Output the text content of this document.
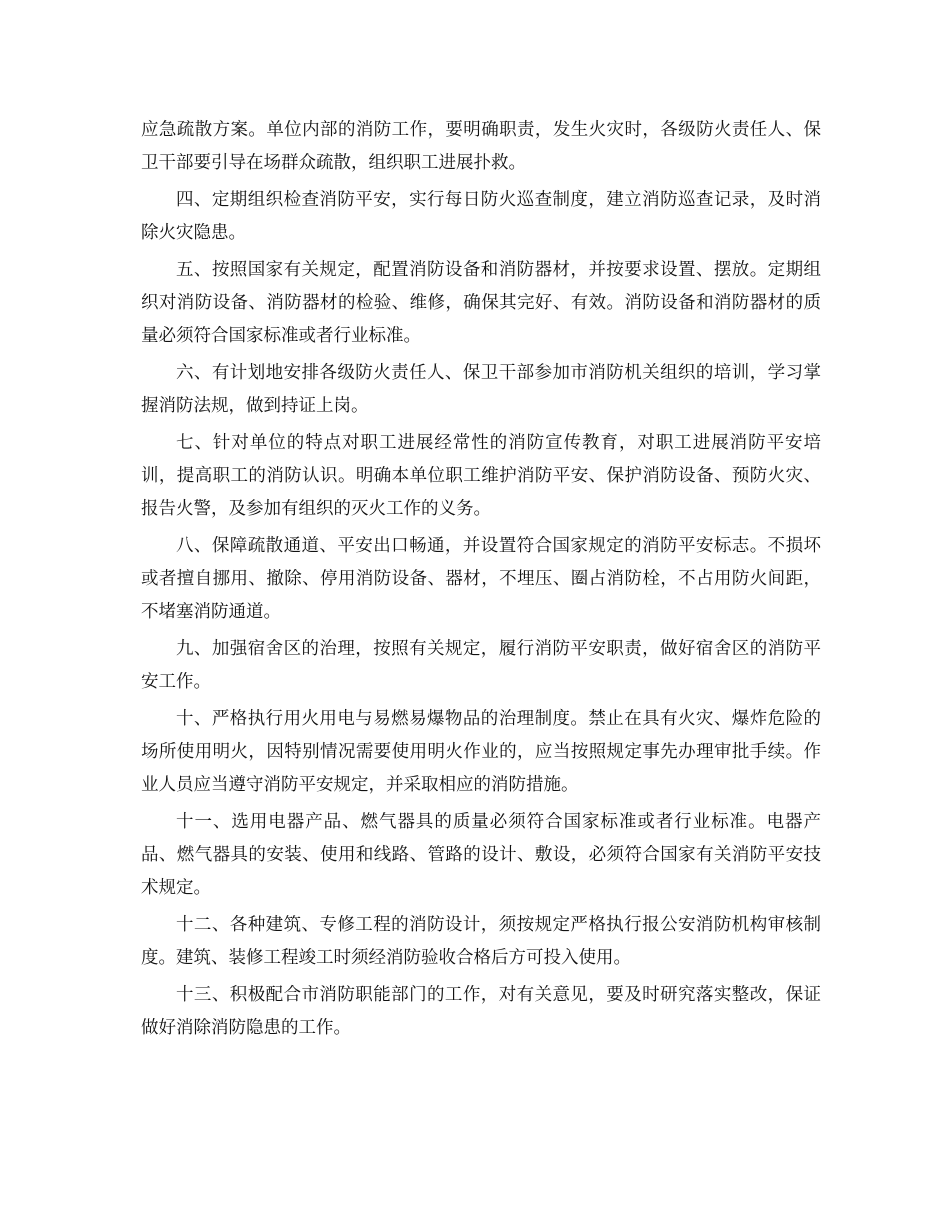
应急疏散方案。单位内部的消防工作，要明确职责，发生火灾时，各级防火责任人、保卫干部要引导在场群众疏散，组织职工进展扑救。

四、定期组织检查消防平安，实行每日防火巡查制度，建立消防巡查记录，及时消除火灾隐患。

五、按照国家有关规定，配置消防设备和消防器材，并按要求设置、摆放。定期组织对消防设备、消防器材的检验、维修，确保其完好、有效。消防设备和消防器材的质量必须符合国家标准或者行业标准。

六、有计划地安排各级防火责任人、保卫干部参加市消防机关组织的培训，学习掌握消防法规，做到持证上岗。

七、针对单位的特点对职工进展经常性的消防宣传教育，对职工进展消防平安培训，提高职工的消防认识。明确本单位职工维护消防平安、保护消防设备、预防火灾、报告火警，及参加有组织的灭火工作的义务。

八、保障疏散通道、平安出口畅通，并设置符合国家规定的消防平安标志。不损坏或者擅自挪用、撤除、停用消防设备、器材，不埋压、圈占消防栓，不占用防火间距，不堵塞消防通道。

九、加强宿舍区的治理，按照有关规定，履行消防平安职责，做好宿舍区的消防平安工作。

十、严格执行用火用电与易燃易爆物品的治理制度。禁止在具有火灾、爆炸危险的场所使用明火，因特别情况需要使用明火作业的，应当按照规定事先办理审批手续。作业人员应当遵守消防平安规定，并采取相应的消防措施。

十一、选用电器产品、燃气器具的质量必须符合国家标准或者行业标准。电器产品、燃气器具的安装、使用和线路、管路的设计、敷设，必须符合国家有关消防平安技术规定。

十二、各种建筑、专修工程的消防设计，须按规定严格执行报公安消防机构审核制度。建筑、装修工程竣工时须经消防验收合格后方可投入使用。

十三、积极配合市消防职能部门的工作，对有关意见，要及时研究落实整改，保证做好消除消防隐患的工作。
